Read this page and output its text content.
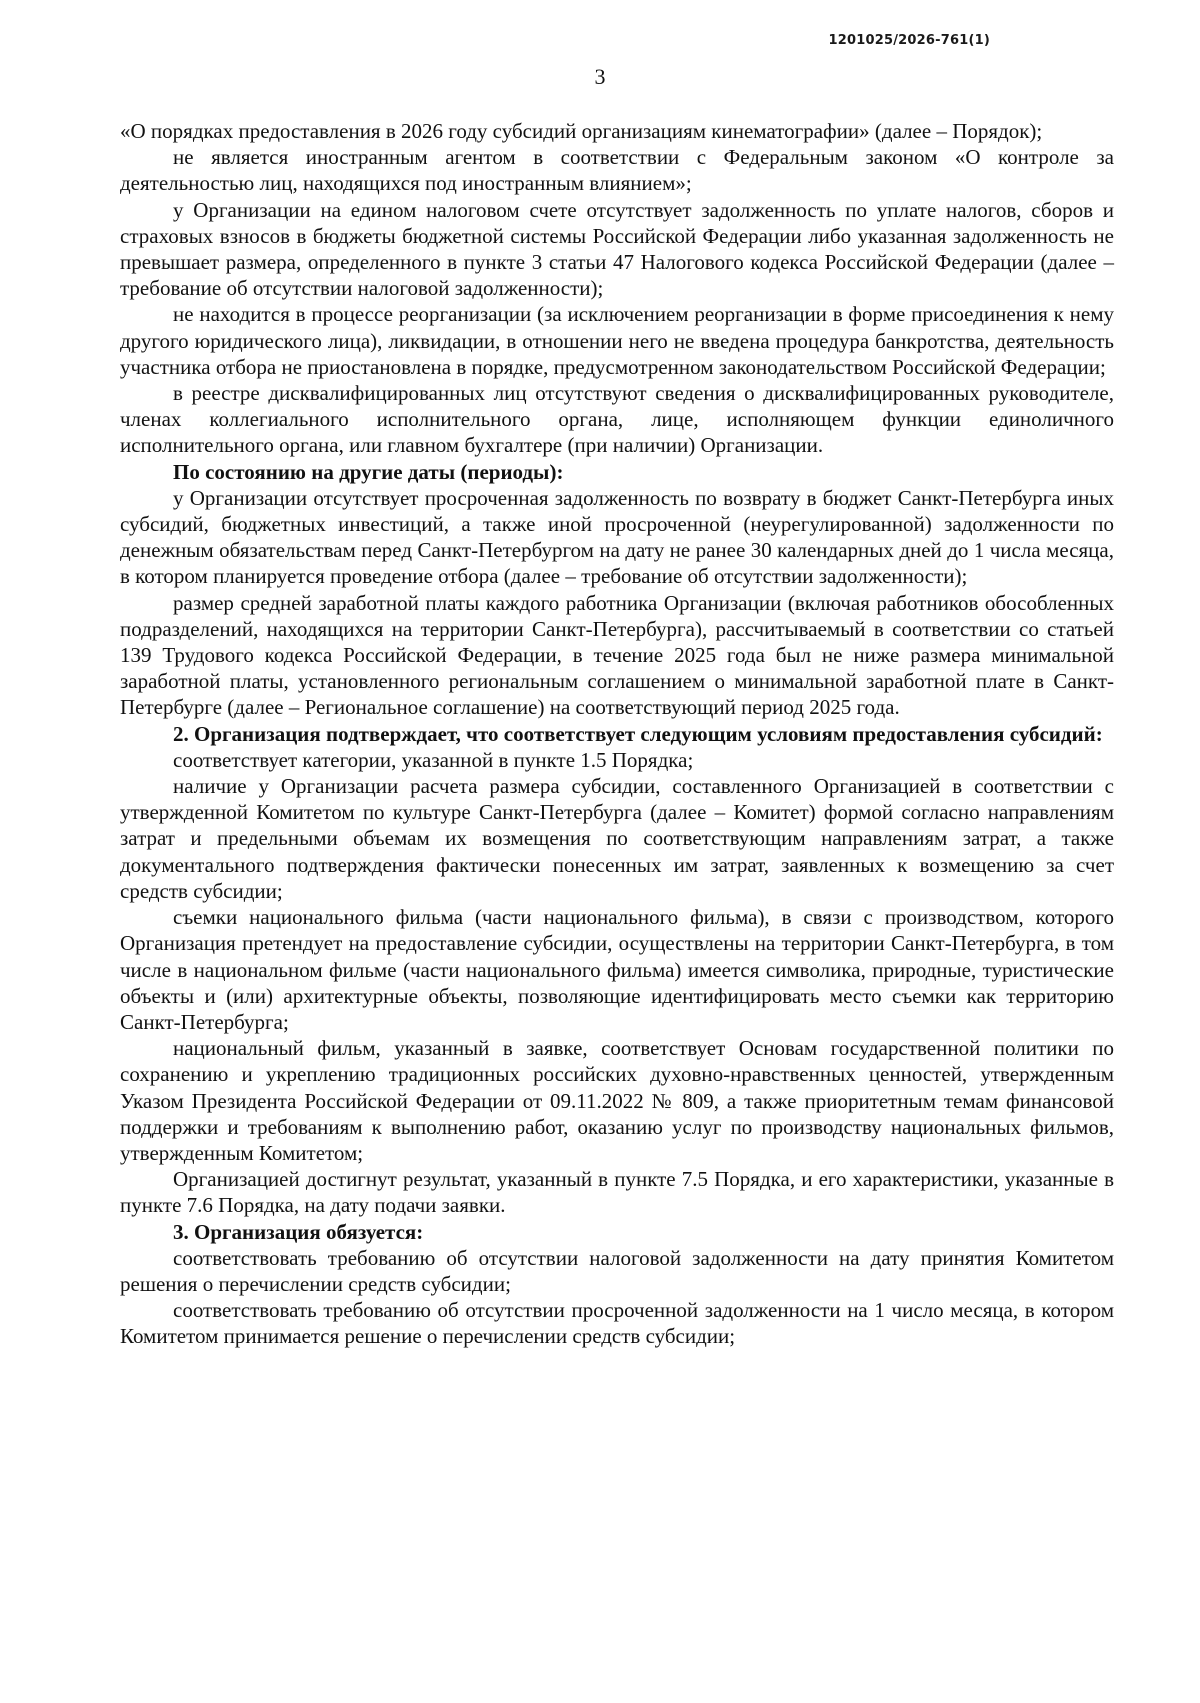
1201025/2026-761(1)
3

«О порядках предоставления в 2026 году субсидий организациям кинематографии» (далее – Порядок);

не является иностранным агентом в соответствии с Федеральным законом «О контроле за деятельностью лиц, находящихся под иностранным влиянием»;

у Организации на едином налоговом счете отсутствует задолженность по уплате налогов, сборов и страховых взносов в бюджеты бюджетной системы Российской Федерации либо указанная задолженность не превышает размера, определенного в пункте 3 статьи 47 Налогового кодекса Российской Федерации (далее – требование об отсутствии налоговой задолженности);

не находится в процессе реорганизации (за исключением реорганизации в форме присоединения к нему другого юридического лица), ликвидации, в отношении него не введена процедура банкротства, деятельность участника отбора не приостановлена в порядке, предусмотренном законодательством Российской Федерации;

в реестре дисквалифицированных лиц отсутствуют сведения о дисквалифицированных руководителе, членах коллегиального исполнительного органа, лице, исполняющем функции единоличного исполнительного органа, или главном бухгалтере (при наличии) Организации.

По состоянию на другие даты (периоды):

у Организации отсутствует просроченная задолженность по возврату в бюджет Санкт-Петербурга иных субсидий, бюджетных инвестиций, а также иной просроченной (неурегулированной) задолженности по денежным обязательствам перед Санкт-Петербургом на дату не ранее 30 календарных дней до 1 числа месяца, в котором планируется проведение отбора (далее – требование об отсутствии задолженности);

размер средней заработной платы каждого работника Организации (включая работников обособленных подразделений, находящихся на территории Санкт-Петербурга), рассчитываемый в соответствии со статьей 139 Трудового кодекса Российской Федерации, в течение 2025 года был не ниже размера минимальной заработной платы, установленного региональным соглашением о минимальной заработной плате в Санкт-Петербурге (далее – Региональное соглашение) на соответствующий период 2025 года.

2. Организация подтверждает, что соответствует следующим условиям предоставления субсидий:

соответствует категории, указанной в пункте 1.5 Порядка;

наличие у Организации расчета размера субсидии, составленного Организацией в соответствии с утвержденной Комитетом по культуре Санкт-Петербурга (далее – Комитет) формой согласно направлениям затрат и предельными объемам их возмещения по соответствующим направлениям затрат, а также документального подтверждения фактически понесенных им затрат, заявленных к возмещению за счет средств субсидии;

съемки национального фильма (части национального фильма), в связи с производством, которого Организация претендует на предоставление субсидии, осуществлены на территории Санкт-Петербурга, в том числе в национальном фильме (части национального фильма) имеется символика, природные, туристические объекты и (или) архитектурные объекты, позволяющие идентифицировать место съемки как территорию Санкт-Петербурга;

национальный фильм, указанный в заявке, соответствует Основам государственной политики по сохранению и укреплению традиционных российских духовно-нравственных ценностей, утвержденным Указом Президента Российской Федерации от 09.11.2022 № 809, а также приоритетным темам финансовой поддержки и требованиям к выполнению работ, оказанию услуг по производству национальных фильмов, утвержденным Комитетом;

Организацией достигнут результат, указанный в пункте 7.5 Порядка, и его характеристики, указанные в пункте 7.6 Порядка, на дату подачи заявки.

3. Организация обязуется:

соответствовать требованию об отсутствии налоговой задолженности на дату принятия Комитетом решения о перечислении средств субсидии;

соответствовать требованию об отсутствии просроченной задолженности на 1 число месяца, в котором Комитетом принимается решение о перечислении средств субсидии;
